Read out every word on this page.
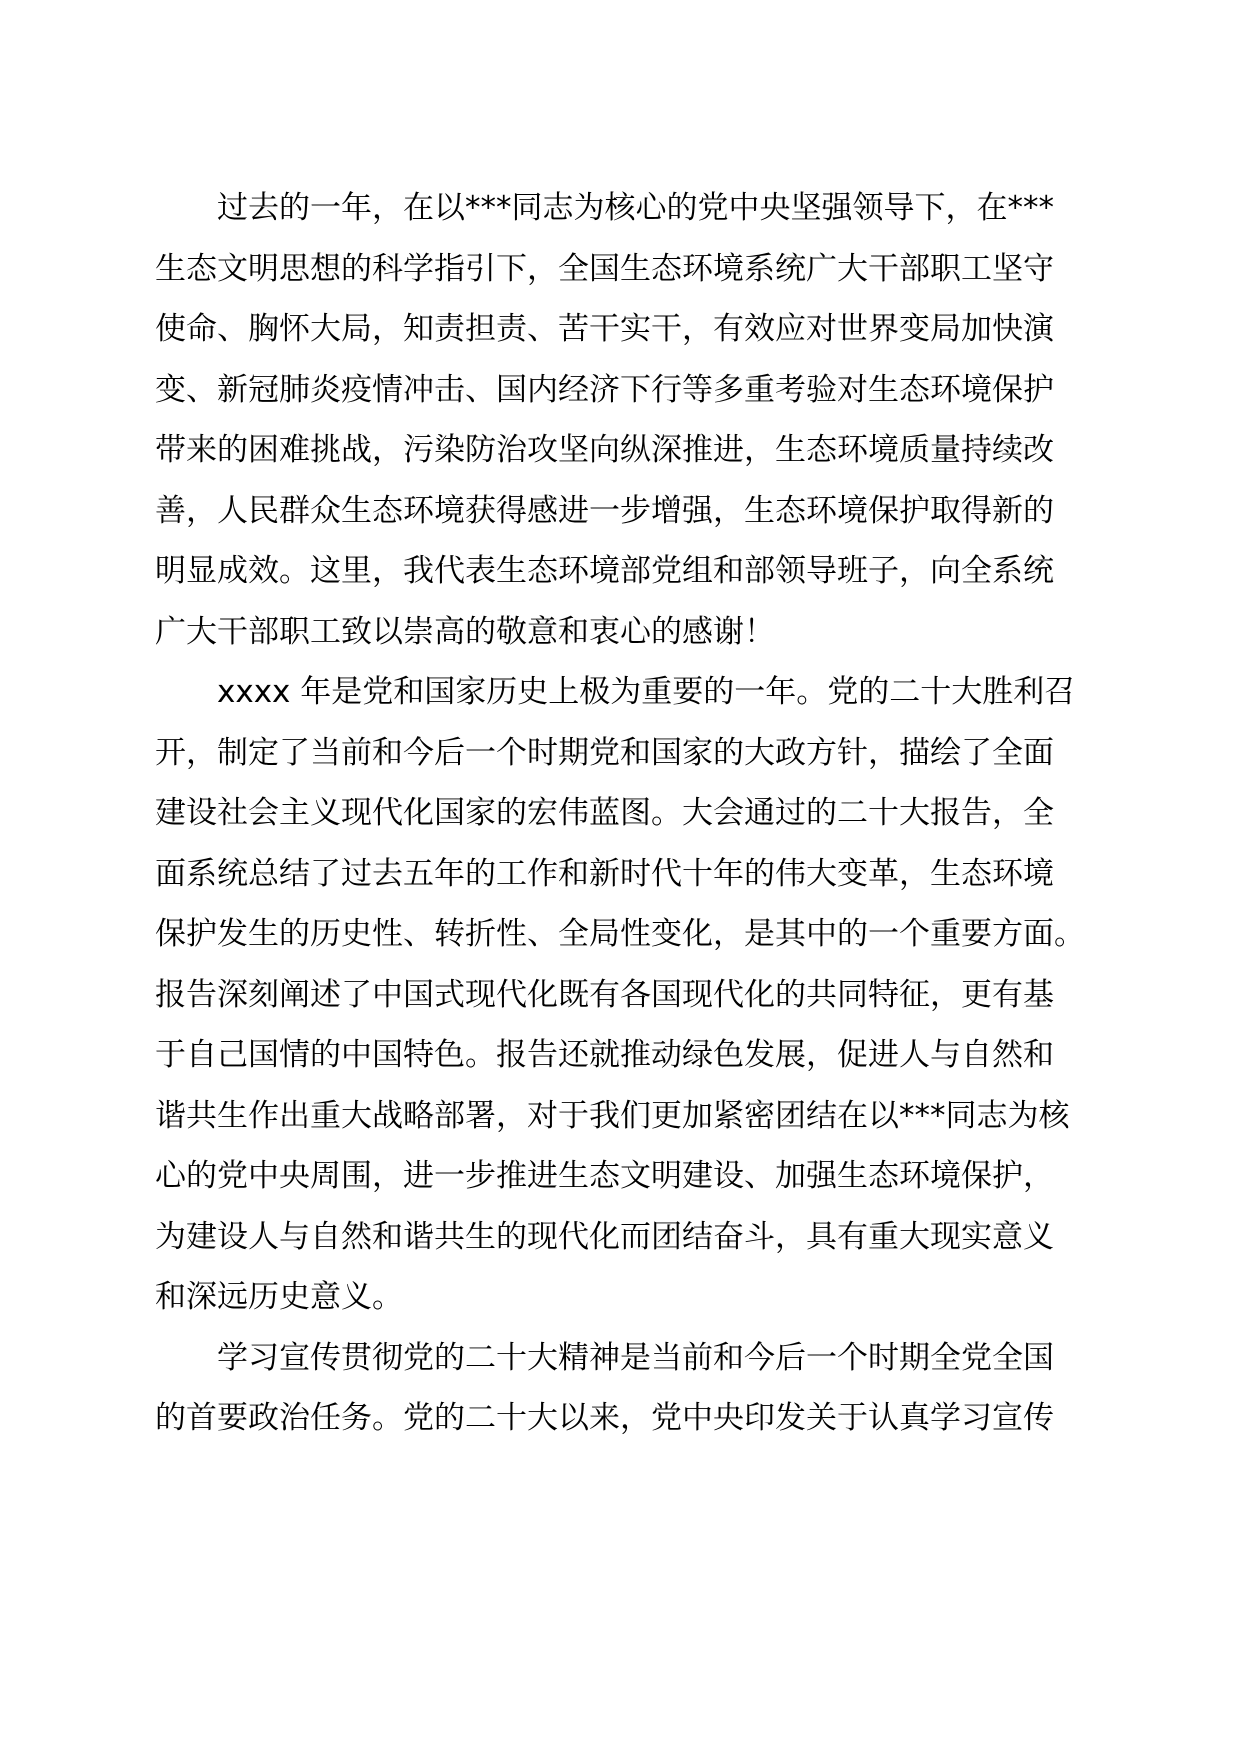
过去的一年，在以***同志为核心的党中央坚强领导下，在***
生态文明思想的科学指引下，全国生态环境系统广大干部职工坚守
使命、胸怀大局，知责担责、苦干实干，有效应对世界变局加快演
变、新冠肺炎疫情冲击、国内经济下行等多重考验对生态环境保护
带来的困难挑战，污染防治攻坚向纵深推进，生态环境质量持续改
善，人民群众生态环境获得感进一步增强，生态环境保护取得新的
明显成效。这里，我代表生态环境部党组和部领导班子，向全系统
广大干部职工致以崇高的敬意和衷心的感谢！

xxxx 年是党和国家历史上极为重要的一年。党的二十大胜利召
开，制定了当前和今后一个时期党和国家的大政方针，描绘了全面
建设社会主义现代化国家的宏伟蓝图。大会通过的二十大报告，全
面系统总结了过去五年的工作和新时代十年的伟大变革，生态环境
保护发生的历史性、转折性、全局性变化，是其中的一个重要方面。
报告深刻阐述了中国式现代化既有各国现代化的共同特征，更有基
于自己国情的中国特色。报告还就推动绿色发展，促进人与自然和
谐共生作出重大战略部署，对于我们更加紧密团结在以***同志为核
心的党中央周围，进一步推进生态文明建设、加强生态环境保护，
为建设人与自然和谐共生的现代化而团结奋斗，具有重大现实意义
和深远历史意义。

学习宣传贯彻党的二十大精神是当前和今后一个时期全党全国
的首要政治任务。党的二十大以来，党中央印发关于认真学习宣传
